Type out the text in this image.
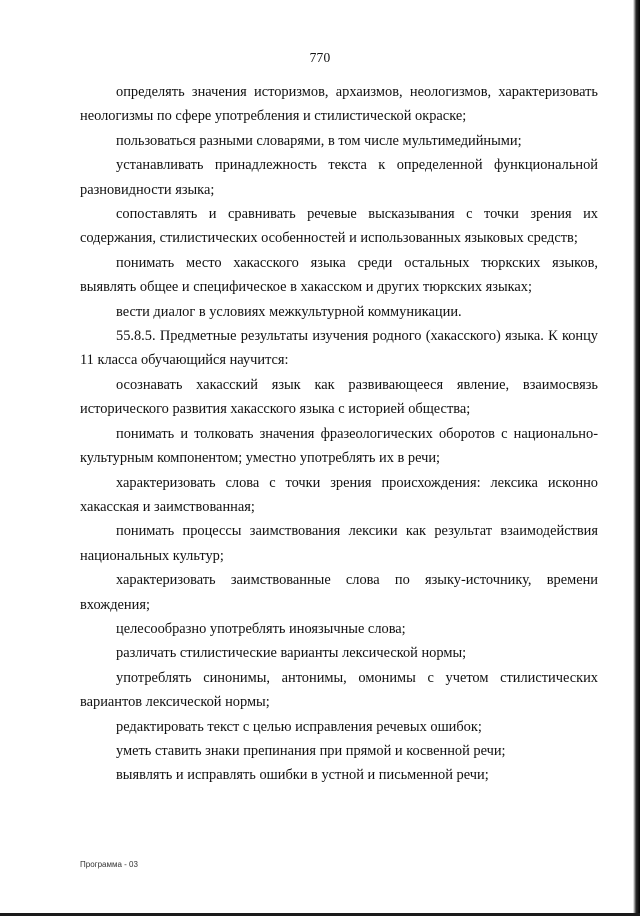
770

определять значения историзмов, архаизмов, неологизмов, характеризовать неологизмы по сфере употребления и стилистической окраске;

пользоваться разными словарями, в том числе мультимедийными;

устанавливать принадлежность текста к определенной функциональной разновидности языка;

сопоставлять и сравнивать речевые высказывания с точки зрения их содержания, стилистических особенностей и использованных языковых средств;

понимать место хакасского языка среди остальных тюркских языков, выявлять общее и специфическое в хакасском и других тюркских языках;

вести диалог в условиях межкультурной коммуникации.

55.8.5. Предметные результаты изучения родного (хакасского) языка. К концу 11 класса обучающийся научится:

осознавать хакасский язык как развивающееся явление, взаимосвязь исторического развития хакасского языка с историей общества;

понимать и толковать значения фразеологических оборотов с национально-культурным компонентом; уместно употреблять их в речи;

характеризовать слова с точки зрения происхождения: лексика исконно хакасская и заимствованная;

понимать процессы заимствования лексики как результат взаимодействия национальных культур;

характеризовать заимствованные слова по языку-источнику, времени вхождения;

целесообразно употреблять иноязычные слова;

различать стилистические варианты лексической нормы;

употреблять синонимы, антонимы, омонимы с учетом стилистических вариантов лексической нормы;

редактировать текст с целью исправления речевых ошибок;

уметь ставить знаки препинания при прямой и косвенной речи;

выявлять и исправлять ошибки в устной и письменной речи;

Программа - 03
